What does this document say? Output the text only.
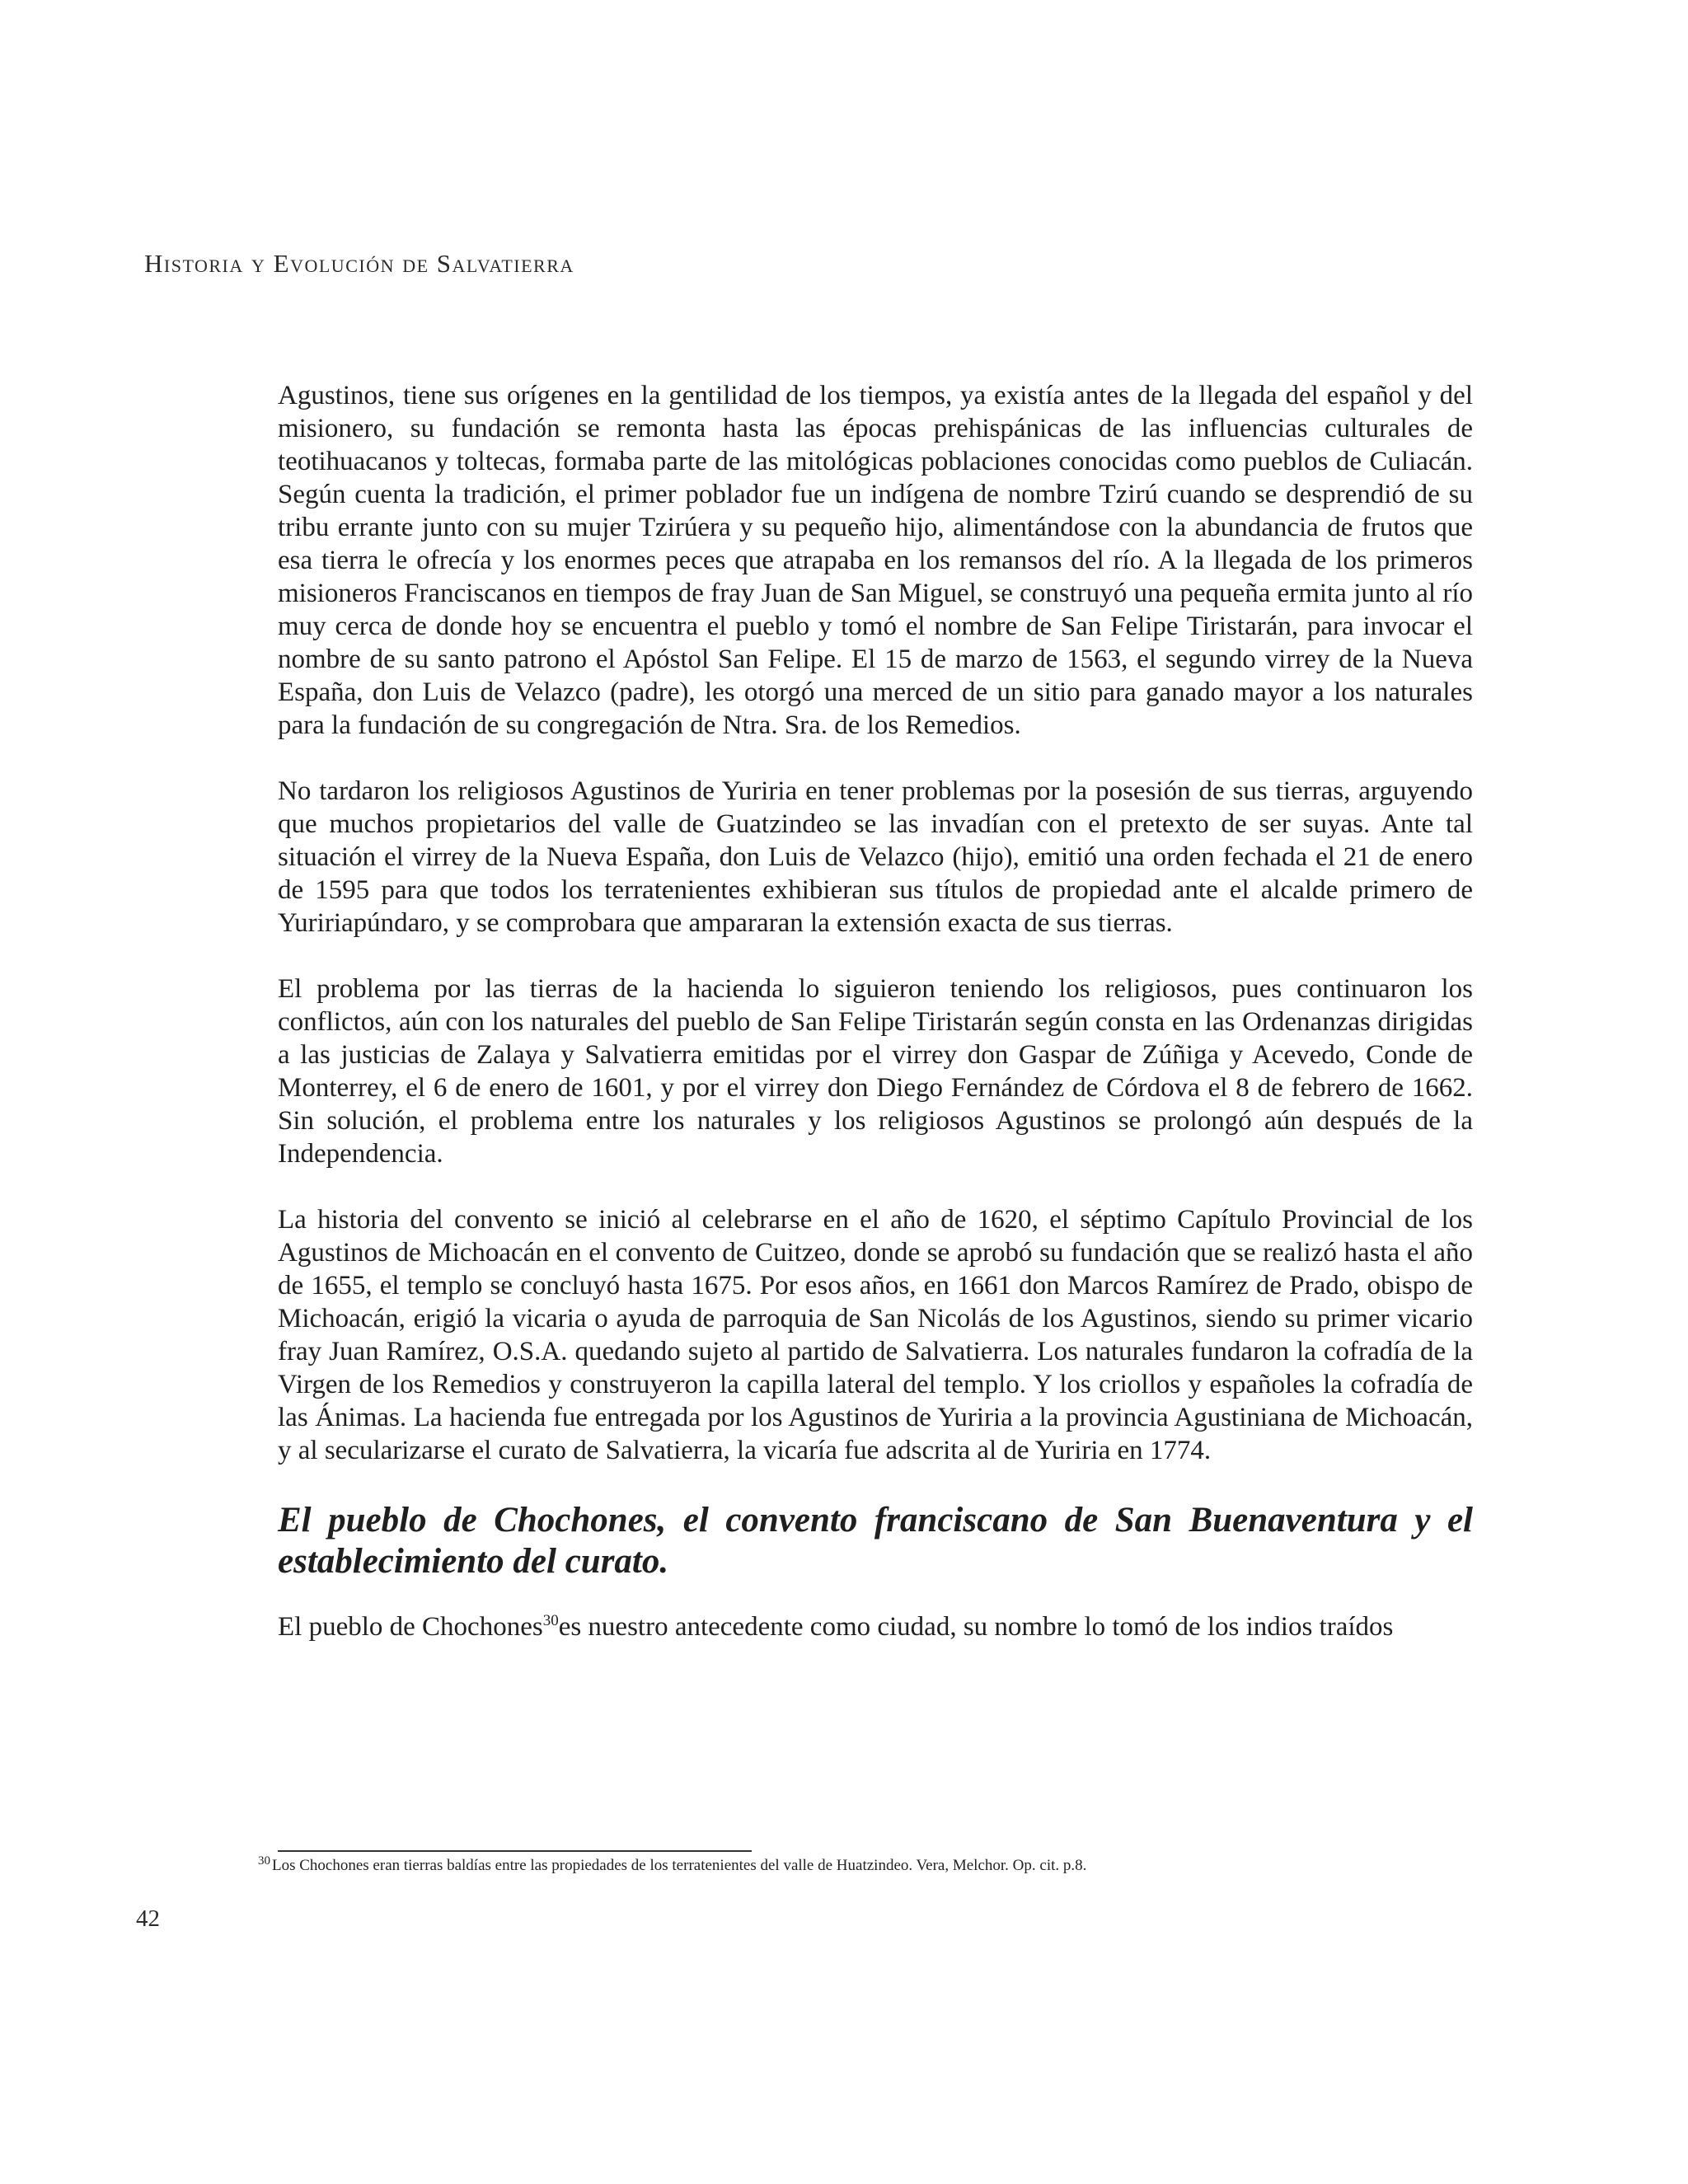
Historia y Evolución de Salvatierra

Agustinos, tiene sus orígenes en la gentilidad de los tiempos, ya existía antes de la llegada del español y del misionero, su fundación se remonta hasta las épocas prehispánicas de las influencias culturales de teotihuacanos y toltecas, formaba parte de las mitológicas poblaciones conocidas como pueblos de Culiacán. Según cuenta la tradición, el primer poblador fue un indígena de nombre Tzirú cuando se desprendió de su tribu errante junto con su mujer Tzirúera y su pequeño hijo, alimentándose con la abundancia de frutos que esa tierra le ofrecía y los enormes peces que atrapaba en los remansos del río. A la llegada de los primeros misioneros Franciscanos en tiempos de fray Juan de San Miguel, se construyó una pequeña ermita junto al río muy cerca de donde hoy se encuentra el pueblo y tomó el nombre de San Felipe Tiristarán, para invocar el nombre de su santo patrono el Apóstol San Felipe. El 15 de marzo de 1563, el segundo virrey de la Nueva España, don Luis de Velazco (padre), les otorgó una merced de un sitio para ganado mayor a los naturales para la fundación de su congregación de Ntra. Sra. de los Remedios.

No tardaron los religiosos Agustinos de Yuriria en tener problemas por la posesión de sus tierras, arguyendo que muchos propietarios del valle de Guatzindeo se las invadían con el pretexto de ser suyas. Ante tal situación el virrey de la Nueva España, don Luis de Velazco (hijo), emitió una orden fechada el 21 de enero de 1595 para que todos los terratenientes exhibieran sus títulos de propiedad ante el alcalde primero de Yuririapúndaro, y se comprobara que ampararan la extensión exacta de sus tierras.

El problema por las tierras de la hacienda lo siguieron teniendo los religiosos, pues continuaron los conflictos, aún con los naturales del pueblo de San Felipe Tiristarán según consta en las Ordenanzas dirigidas a las justicias de Zalaya y Salvatierra emitidas por el virrey don Gaspar de Zúñiga y Acevedo, Conde de Monterrey, el 6 de enero de 1601, y por el virrey don Diego Fernández de Córdova el 8 de febrero de 1662. Sin solución, el problema entre los naturales y los religiosos Agustinos se prolongó aún después de la Independencia.

La historia del convento se inició al celebrarse en el año de 1620, el séptimo Capítulo Provincial de los Agustinos de Michoacán en el convento de Cuitzeo, donde se aprobó su fundación que se realizó hasta el año de 1655, el templo se concluyó hasta 1675. Por esos años, en 1661 don Marcos Ramírez de Prado, obispo de Michoacán, erigió la vicaria o ayuda de parroquia de San Nicolás de los Agustinos, siendo su primer vicario fray Juan Ramírez, O.S.A. quedando sujeto al partido de Salvatierra. Los naturales fundaron la cofradía de la Virgen de los Remedios y construyeron la capilla lateral del templo. Y los criollos y españoles la cofradía de las Ánimas. La hacienda fue entregada por los Agustinos de Yuriria a la provincia Agustiniana de Michoacán, y al secularizarse el curato de Salvatierra, la vicaría fue adscrita al de Yuriria en 1774.

El pueblo de Chochones, el convento franciscano de San Buenaventura y el establecimiento del curato.

El pueblo de Chochones$^{30}$es nuestro antecedente como ciudad, su nombre lo tomó de los indios traídos

$^{30}$ Los Chochones eran tierras baldías entre las propiedades de los terratenientes del valle de Huatzindeo. Vera, Melchor. Op. cit. p.8.
42
